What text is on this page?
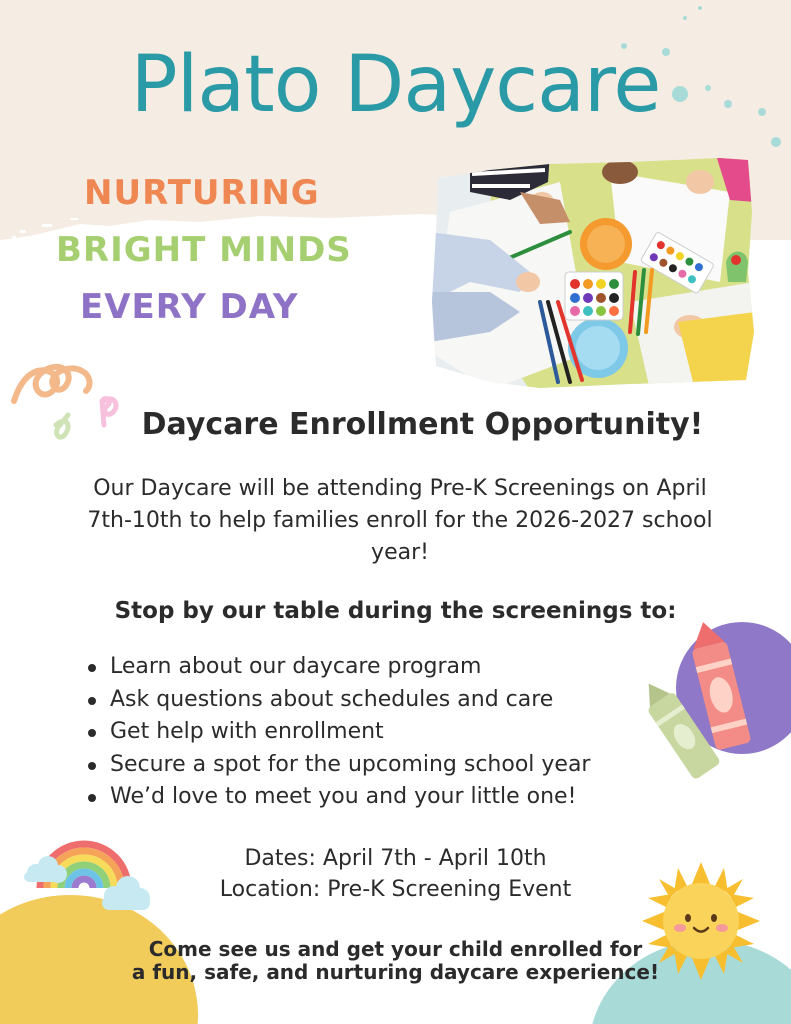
Plato Daycare
NURTURING
BRIGHT MINDS
EVERY DAY
Daycare Enrollment Opportunity!

Our Daycare will be attending Pre-K Screenings on April 7th-10th to help families enroll for the 2026-2027 school year!

Stop by our table during the screenings to:
Learn about our daycare program
Ask questions about schedules and care
Get help with enrollment
Secure a spot for the upcoming school year
We’d love to meet you and your little one!

Dates: April 7th - April 10th

Location: Pre-K Screening Event

Come see us and get your child enrolled for

a fun, safe, and nurturing daycare experience!
